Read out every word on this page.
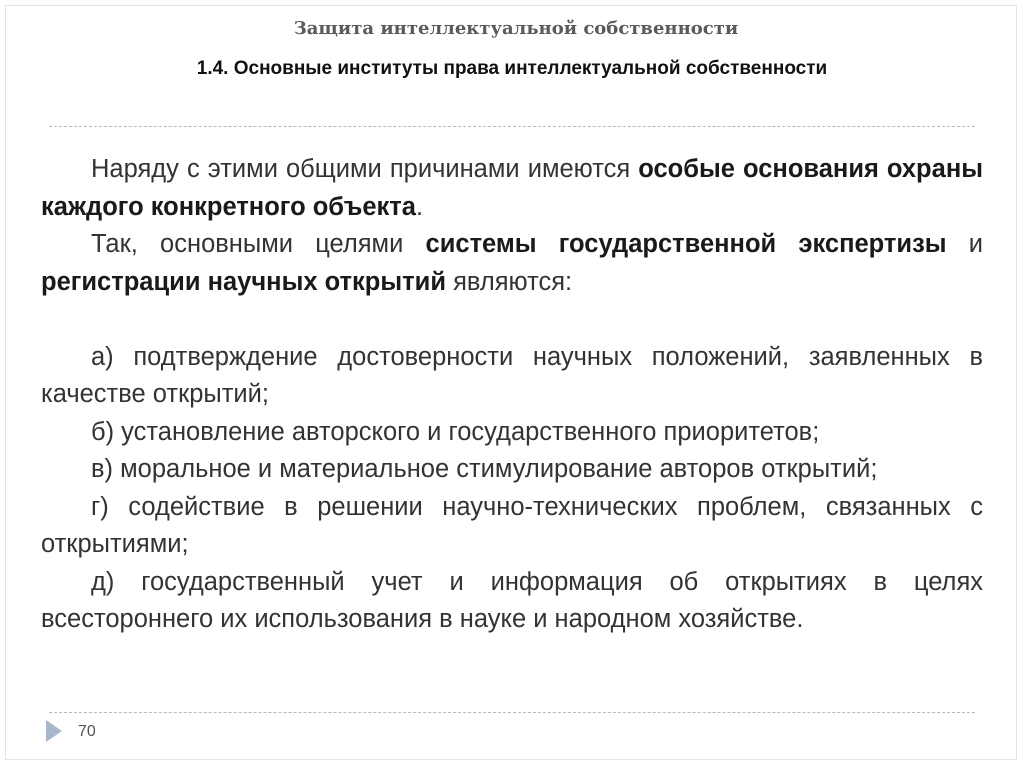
Защита интеллектуальной собственности
1.4. Основные институты права интеллектуальной собственности

Наряду с этими общими причинами имеются особые основания охраны каждого конкретного объекта.

Так, основными целями системы государственной экспертизы и регистрации научных открытий являются:

а) подтверждение достоверности научных положений, заявленных в качестве открытий;

б) установление авторского и государственного приоритетов;

в) моральное и материальное стимулирование авторов открытий;

г) содействие в решении научно-технических проблем, связанных с открытиями;

д) государственный учет и информация об открытиях в целях всестороннего их использования в науке и народном хозяйстве.

70
